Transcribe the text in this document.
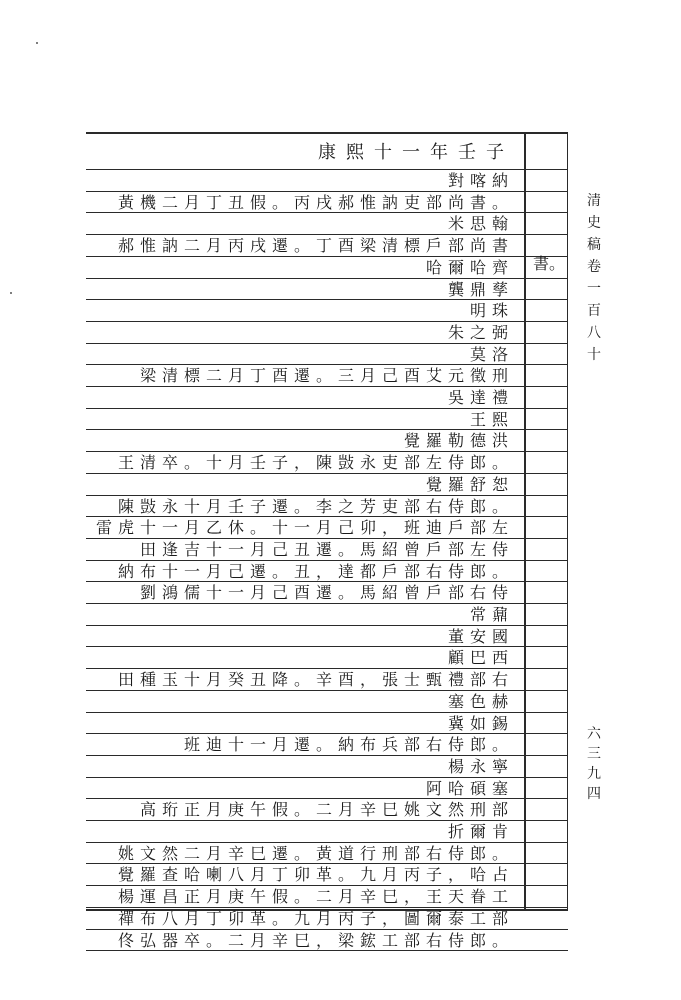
康熙十一年壬子
對喀納
黃機二月丁丑假。丙戌郝惟訥吏部尚書。
米思翰
郝惟訥二月丙戌遷。丁酉梁清標戶部尚書
哈爾哈齊
龔鼎孳
明珠
朱之弼
莫洛
梁清標二月丁酉遷。三月己酉艾元徵刑
吳達禮
王熙
覺羅勒德洪
王清卒。十月壬子，陳敱永吏部左侍郎。
覺羅舒恕
陳敱永十月壬子遷。李之芳吏部右侍郎。
雷虎十一月乙休。十一月己卯，班迪戶部左
田逢吉十一月己丑遷。馬紹曾戶部左侍
納布十一月己遷。丑，達都戶部右侍郎。
劉鴻儒十一月己酉遷。馬紹曾戶部右侍
常鼐
董安國
顧巴西
田種玉十月癸丑降。辛酉，張士甄禮部右
塞色赫
冀如錫
班迪十一月遷。納布兵部右侍郎。
楊永寧
阿哈碩塞
高珩正月庚午假。二月辛巳姚文然刑部
折爾肯
姚文然二月辛巳遷。黃道行刑部右侍郎。
覺羅查哈喇八月丁卯革。九月丙子，哈占
楊運昌正月庚午假。二月辛巳，王天眷工
禪布八月丁卯革。九月丙子，圖爾泰工部
佟弘器卒。二月辛巳，梁鋐工部右侍郎。
書。
清史稿卷一百八十
六三九四
